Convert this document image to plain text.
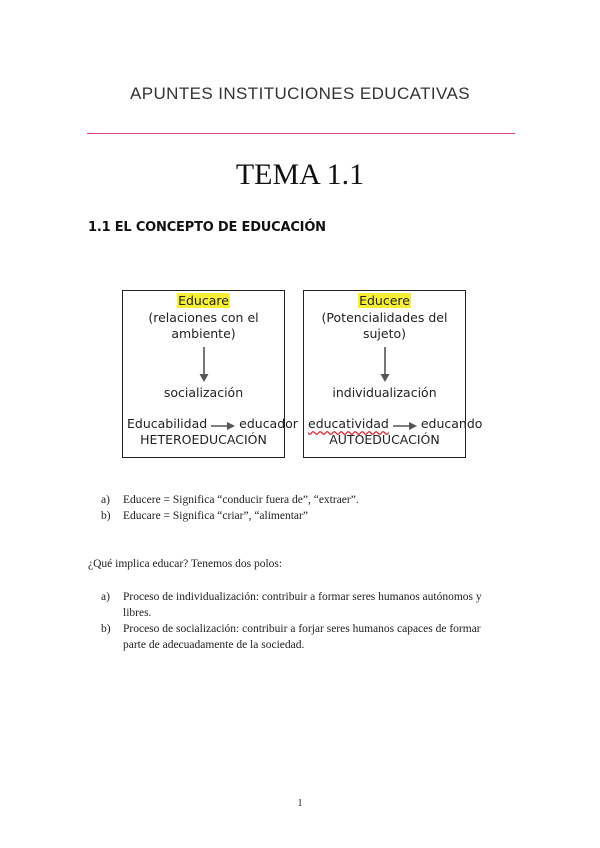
APUNTES INSTITUCIONES EDUCATIVAS
TEMA 1.1
1.1 EL CONCEPTO DE EDUCACIÓN
Educare
(relaciones con el
ambiente)
socialización
Educabilidad	educador
HETEROEDUCACIÓN
Educere
(Potencialidades del
sujeto)
individualización
educatividad	educando
AUTOEDUCACIÓN
a) Educere = Significa “conducir fuera de”, “extraer”.
b) Educare = Significa “criar”, “alimentar”
¿Qué implica educar? Tenemos dos polos:
a) Proceso de individualización: contribuir a formar seres humanos autónomos y libres.
b) Proceso de socialización: contribuir a forjar seres humanos capaces de formar parte de adecuadamente de la sociedad.
1
